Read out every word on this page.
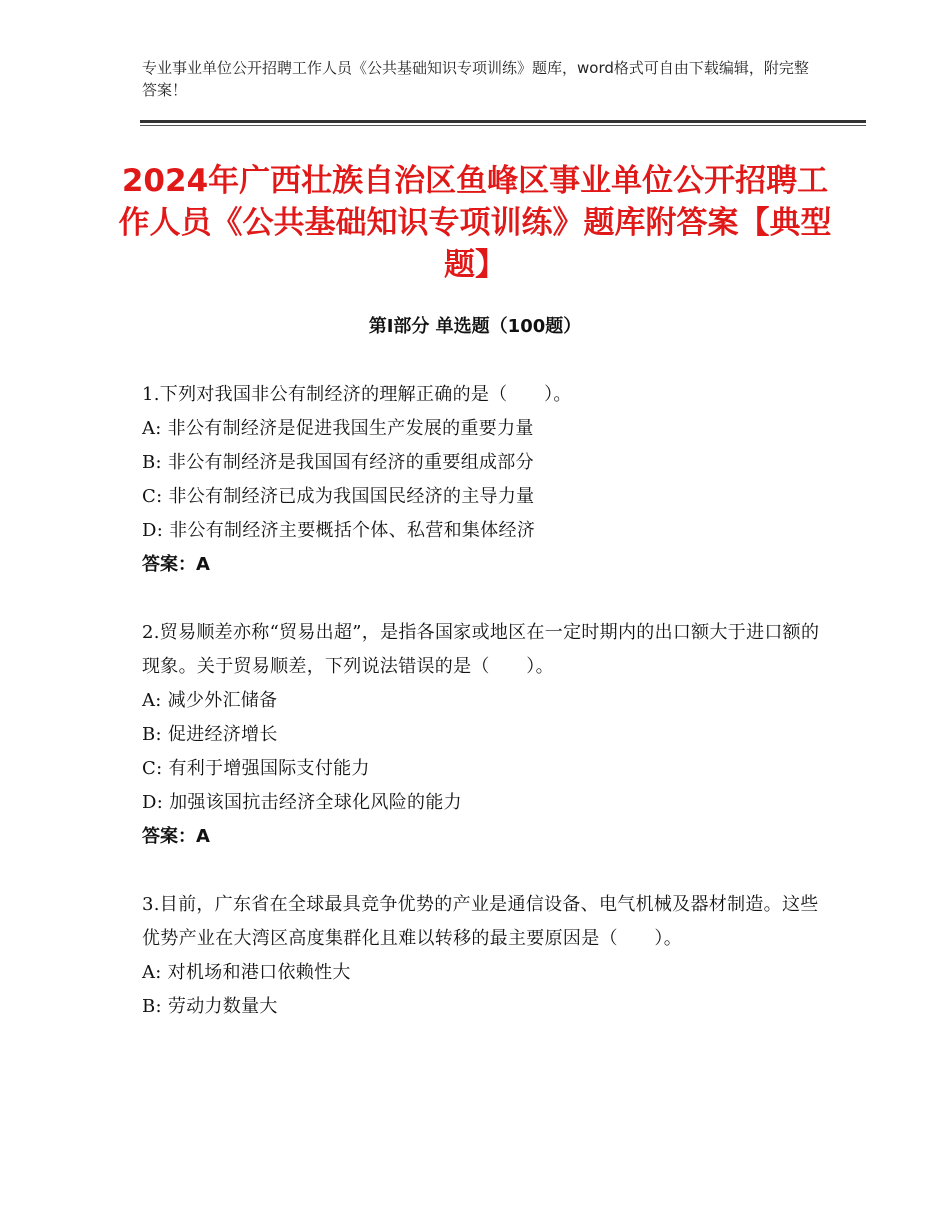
专业事业单位公开招聘工作人员《公共基础知识专项训练》题库，word格式可自由下载编辑，附完整答案！
2024年广西壮族自治区鱼峰区事业单位公开招聘工作人员《公共基础知识专项训练》题库附答案【典型题】
第Ⅰ部分 单选题（100题）
1.下列对我国非公有制经济的理解正确的是（　　）。
A: 非公有制经济是促进我国生产发展的重要力量
B: 非公有制经济是我国国有经济的重要组成部分
C: 非公有制经济已成为我国国民经济的主导力量
D: 非公有制经济主要概括个体、私营和集体经济
答案：A
2.贸易顺差亦称“贸易出超”，是指各国家或地区在一定时期内的出口额大于进口额的现象。关于贸易顺差，下列说法错误的是（　　）。
A: 减少外汇储备
B: 促进经济增长
C: 有利于增强国际支付能力
D: 加强该国抗击经济全球化风险的能力
答案：A
3.目前，广东省在全球最具竞争优势的产业是通信设备、电气机械及器材制造。这些优势产业在大湾区高度集群化且难以转移的最主要原因是（　　）。
A: 对机场和港口依赖性大
B: 劳动力数量大
